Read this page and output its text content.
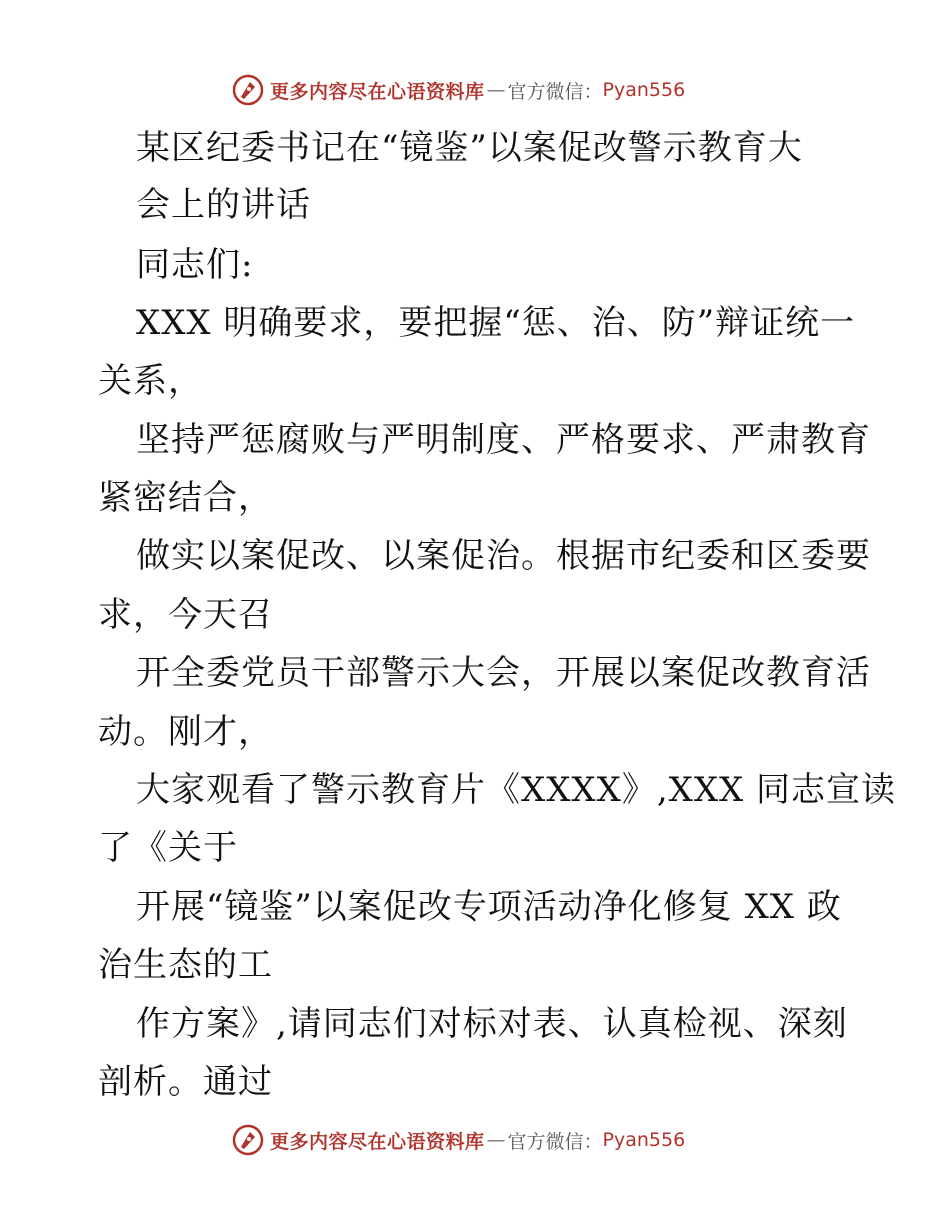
更多内容尽在心语资料库 — 官方微信： Pyan556
某区纪委书记在“镜鉴”以案促改警示教育大
会上的讲话
同志们:
XXX 明确要求，要把握“惩、治、防”辩证统一
关系，
坚持严惩腐败与严明制度、严格要求、严肃教育
紧密结合，
做实以案促改、以案促治。根据市纪委和区委要
求，今天召
开全委党员干部警示大会，开展以案促改教育活
动。刚才，
大家观看了警示教育片《XXXX》,XXX 同志宣读
了《关于
开展“镜鉴”以案促改专项活动净化修复 XX 政
治生态的工
作方案》,请同志们对标对表、认真检视、深刻
剖析。通过
更多内容尽在心语资料库 — 官方微信： Pyan556
